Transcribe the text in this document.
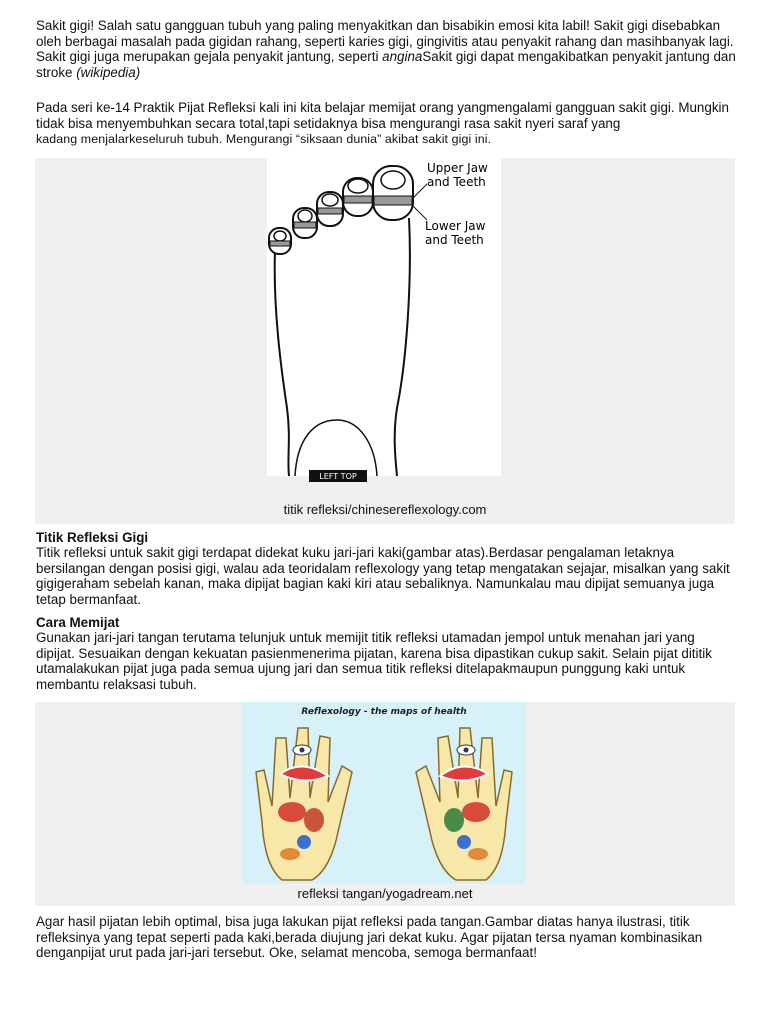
Sakit gigi! Salah satu gangguan tubuh yang paling menyakitkan dan bisabikin emosi kita labil! Sakit gigi disebabkan oleh berbagai masalah pada gigidan rahang, seperti karies gigi, gingivitis atau penyakit rahang dan masihbanyak lagi. Sakit gigi juga merupakan gejala penyakit jantung, seperti anginaSakit gigi dapat mengakibatkan penyakit jantung dan stroke (wikipedia)

Pada seri ke-14 Praktik Pijat Refleksi kali ini kita belajar memijat orang yangmengalami gangguan sakit gigi. Mungkin tidak bisa menyembuhkan secara total,tapi setidaknya bisa mengurangi rasa sakit nyeri saraf yang
kadang menjalarkeseluruh tubuh. Mengurangi “siksaan dunia” akibat sakit gigi ini.

Upper Jaw
and Teeth
Lower Jaw
and Teeth
LEFT TOP
titik refleksi/chinesereflexology.com

Titik Refleksi Gigi

Titik refleksi untuk sakit gigi terdapat didekat kuku jari-jari kaki(gambar atas).Berdasar pengalaman letaknya bersilangan dengan posisi gigi, walau ada teoridalam reflexology yang tetap mengatakan sejajar, misalkan yang sakit gigigeraham sebelah kanan, maka dipijat bagian kaki kiri atau sebaliknya. Namunkalau mau dipijat semuanya juga tetap bermanfaat.

Cara Memijat

Gunakan jari-jari tangan terutama telunjuk untuk memijit titik refleksi utamadan jempol untuk menahan jari yang dipijat. Sesuaikan dengan kekuatan pasienmenerima pijatan, karena bisa dipastikan cukup sakit. Selain pijat dititik utamalakukan pijat juga pada semua ujung jari dan semua titik refleksi ditelapakmaupun punggung kaki untuk membantu relaksasi tubuh.

Reflexology - the maps of health
refleksi tangan/yogadream.net

Agar hasil pijatan lebih optimal, bisa juga lakukan pijat refleksi pada tangan.Gambar diatas hanya ilustrasi, titik refleksinya yang tepat seperti pada kaki,berada diujung jari dekat kuku. Agar pijatan tersa nyaman kombinasikan denganpijat urut pada jari-jari tersebut. Oke, selamat mencoba, semoga bermanfaat!
